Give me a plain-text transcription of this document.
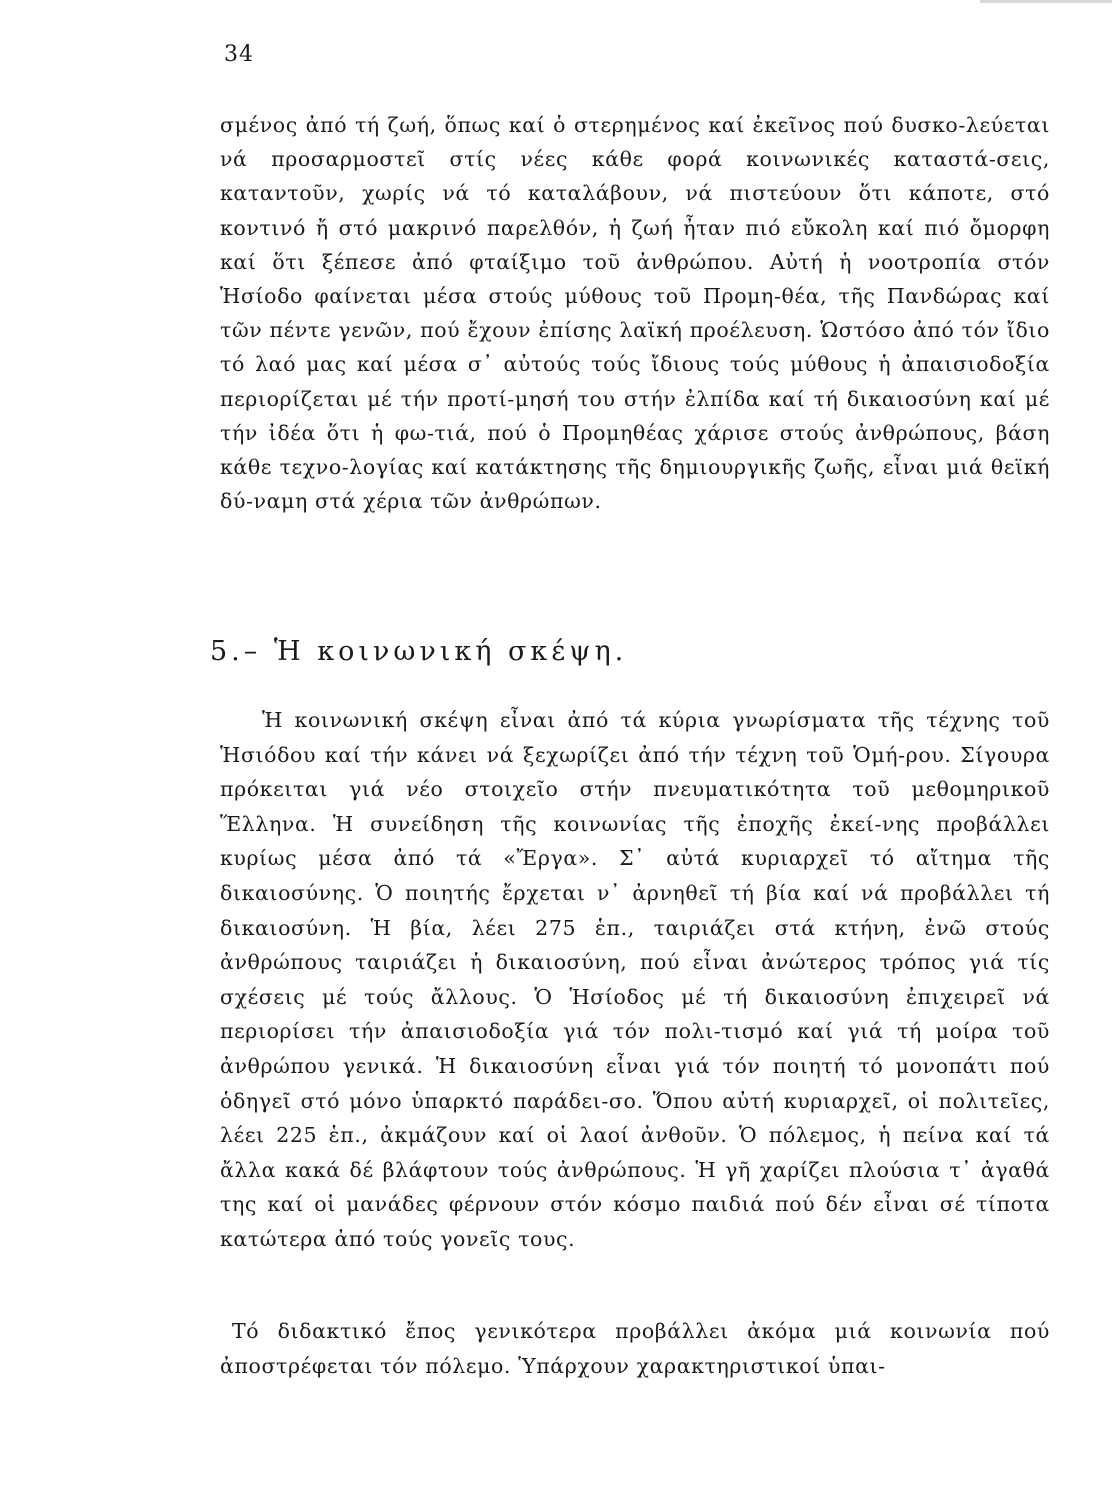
34

σμένος ἀπό τή ζωή, ὅπως καί ὁ στερημένος καί ἐκεῖνος πού δυσκο-λεύεται νά προσαρμοστεῖ στίς νέες κάθε φορά κοινωνικές καταστά-σεις, καταντοῦν, χωρίς νά τό καταλάβουν, νά πιστεύουν ὅτι κάποτε, στό κοντινό ἤ στό μακρινό παρελθόν, ἡ ζωή ἦταν πιό εὔκολη καί πιό ὄμορφη καί ὅτι ξέπεσε ἀπό φταίξιμο τοῦ ἀνθρώπου. Αὐτή ἡ νοοτροπία στόν Ἡσίοδο φαίνεται μέσα στούς μύθους τοῦ Προμη-θέα, τῆς Πανδώρας καί τῶν πέντε γενῶν, πού ἔχουν ἐπίσης λαϊκή προέλευση. Ὡστόσο ἀπό τόν ἴδιο τό λαό μας καί μέσα σ᾽ αὐτούς τούς ἴδιους τούς μύθους ἡ ἀπαισιοδοξία περιορίζεται μέ τήν προτί-μησή του στήν ἐλπίδα καί τή δικαιοσύνη καί μέ τήν ἰδέα ὅτι ἡ φω-τιά, πού ὁ Προμηθέας χάρισε στούς ἀνθρώπους, βάση κάθε τεχνο-λογίας καί κατάκτησης τῆς δημιουργικῆς ζωῆς, εἶναι μιά θεϊκή δύ-ναμη στά χέρια τῶν ἀνθρώπων.

5.– Ἡ κοινωνική σκέψη.

Ἡ κοινωνική σκέψη εἶναι ἀπό τά κύρια γνωρίσματα τῆς τέχνης τοῦ Ἡσιόδου καί τήν κάνει νά ξεχωρίζει ἀπό τήν τέχνη τοῦ Ὁμή-ρου. Σίγουρα πρόκειται γιά νέο στοιχεῖο στήν πνευματικότητα τοῦ μεθομηρικοῦ Ἕλληνα. Ἡ συνείδηση τῆς κοινωνίας τῆς ἐποχῆς ἐκεί-νης προβάλλει κυρίως μέσα ἀπό τά «Ἔργα». Σ᾽ αὐτά κυριαρχεῖ τό αἴτημα τῆς δικαιοσύνης. Ὁ ποιητής ἔρχεται ν᾽ ἀρνηθεῖ τή βία καί νά προβάλλει τή δικαιοσύνη. Ἡ βία, λέει 275 ἑπ., ταιριάζει στά κτήνη, ἐνῶ στούς ἀνθρώπους ταιριάζει ἡ δικαιοσύνη, πού εἶναι ἀνώτερος τρόπος γιά τίς σχέσεις μέ τούς ἄλλους. Ὁ Ἡσίοδος μέ τή δικαιοσύνη ἐπιχειρεῖ νά περιορίσει τήν ἀπαισιοδοξία γιά τόν πολι-τισμό καί γιά τή μοίρα τοῦ ἀνθρώπου γενικά. Ἡ δικαιοσύνη εἶναι γιά τόν ποιητή τό μονοπάτι πού ὁδηγεῖ στό μόνο ὑπαρκτό παράδει-σο. Ὅπου αὐτή κυριαρχεῖ, οἱ πολιτεῖες, λέει 225 ἑπ., ἀκμάζουν καί οἱ λαοί ἀνθοῦν. Ὁ πόλεμος, ἡ πείνα καί τά ἄλλα κακά δέ βλάφτουν τούς ἀνθρώπους. Ἡ γῆ χαρίζει πλούσια τ᾽ ἀγαθά της καί οἱ μανάδες φέρνουν στόν κόσμο παιδιά πού δέν εἶναι σέ τίποτα κατώτερα ἀπό τούς γονεῖς τους.

Τό διδακτικό ἔπος γενικότερα προβάλλει ἀκόμα μιά κοινωνία πού ἀποστρέφεται τόν πόλεμο. Ὑπάρχουν χαρακτηριστικοί ὑπαι-
